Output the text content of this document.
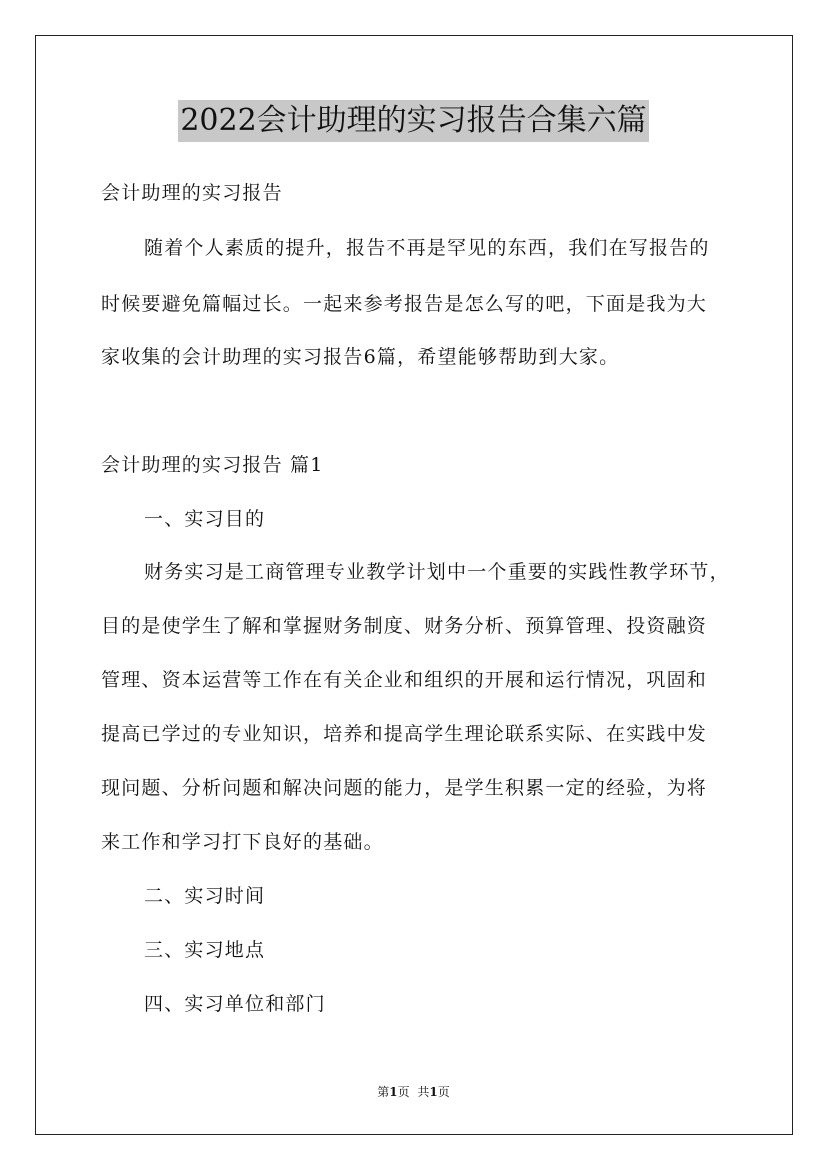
2022会计助理的实习报告合集六篇
会计助理的实习报告
随着个人素质的提升，报告不再是罕见的东西，我们在写报告的
时候要避免篇幅过长。一起来参考报告是怎么写的吧，下面是我为大
家收集的会计助理的实习报告6篇，希望能够帮助到大家。
会计助理的实习报告 篇1
一、实习目的
财务实习是工商管理专业教学计划中一个重要的实践性教学环节，
目的是使学生了解和掌握财务制度、财务分析、预算管理、投资融资
管理、资本运营等工作在有关企业和组织的开展和运行情况，巩固和
提高已学过的专业知识，培养和提高学生理论联系实际、在实践中发
现问题、分析问题和解决问题的能力，是学生积累一定的经验，为将
来工作和学习打下良好的基础。
二、实习时间
三、实习地点
四、实习单位和部门
第1页 共1页
